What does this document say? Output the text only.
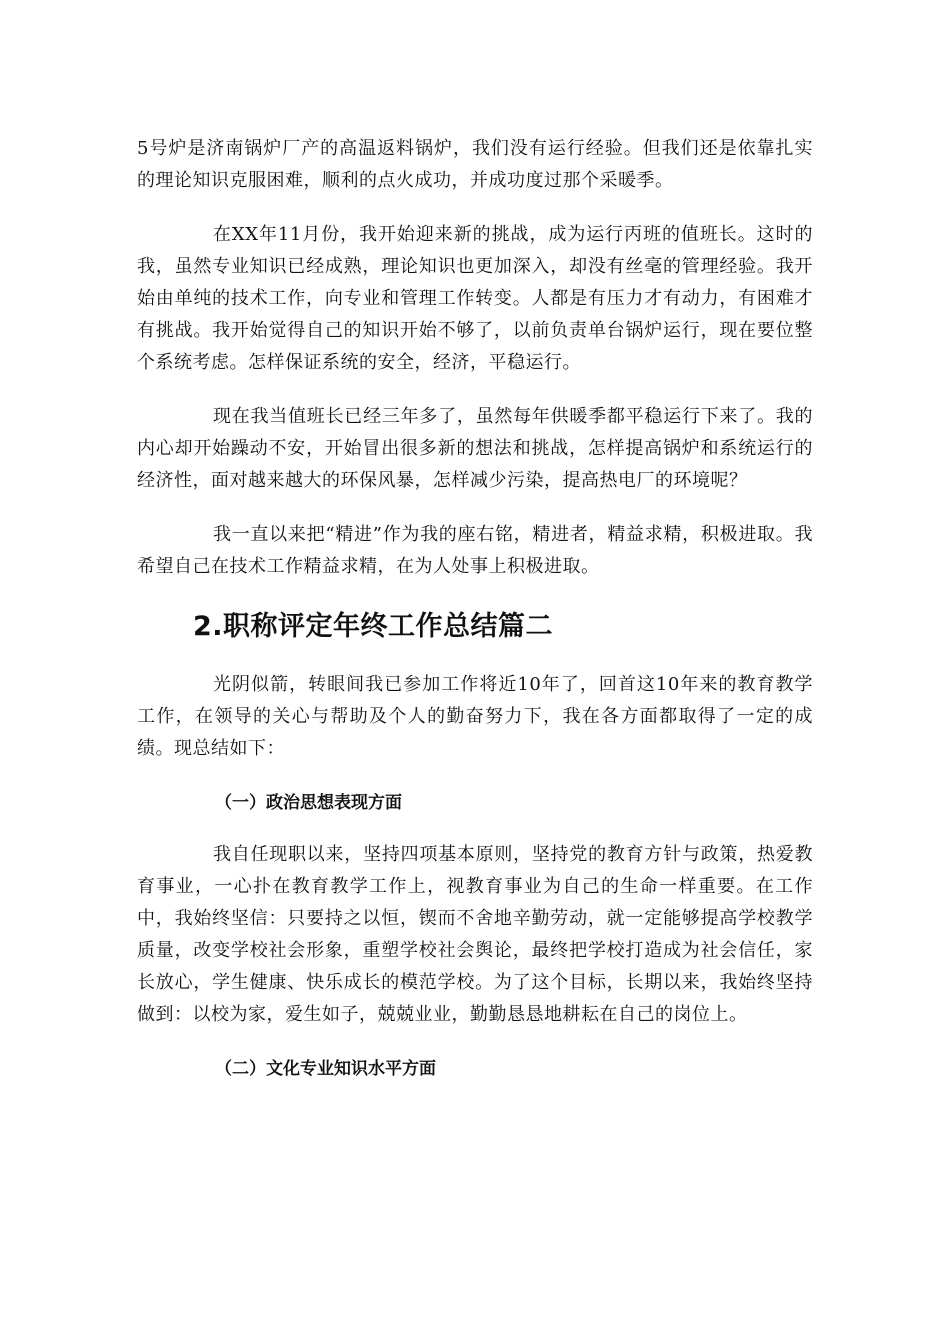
5号炉是济南锅炉厂产的高温返料锅炉，我们没有运行经验。但我们还是依靠扎实的理论知识克服困难，顺利的点火成功，并成功度过那个采暖季。

在XX年11月份，我开始迎来新的挑战，成为运行丙班的值班长。这时的我，虽然专业知识已经成熟，理论知识也更加深入，却没有丝毫的管理经验。我开始由单纯的技术工作，向专业和管理工作转变。人都是有压力才有动力，有困难才有挑战。我开始觉得自己的知识开始不够了，以前负责单台锅炉运行，现在要位整个系统考虑。怎样保证系统的安全，经济，平稳运行。

现在我当值班长已经三年多了，虽然每年供暖季都平稳运行下来了。我的内心却开始躁动不安，开始冒出很多新的想法和挑战，怎样提高锅炉和系统运行的经济性，面对越来越大的环保风暴，怎样减少污染，提高热电厂的环境呢？

我一直以来把“精进”作为我的座右铭，精进者，精益求精，积极进取。我希望自己在技术工作精益求精，在为人处事上积极进取。

2.职称评定年终工作总结篇二

光阴似箭，转眼间我已参加工作将近10年了，回首这10年来的教育教学工作，在领导的关心与帮助及个人的勤奋努力下，我在各方面都取得了一定的成绩。现总结如下：

（一）政治思想表现方面

我自任现职以来，坚持四项基本原则，坚持党的教育方针与政策，热爱教育事业，一心扑在教育教学工作上，视教育事业为自己的生命一样重要。在工作中，我始终坚信：只要持之以恒，锲而不舍地辛勤劳动，就一定能够提高学校教学质量，改变学校社会形象，重塑学校社会舆论，最终把学校打造成为社会信任，家长放心，学生健康、快乐成长的模范学校。为了这个目标，长期以来，我始终坚持做到：以校为家，爱生如子，兢兢业业，勤勤恳恳地耕耘在自己的岗位上。

（二）文化专业知识水平方面
